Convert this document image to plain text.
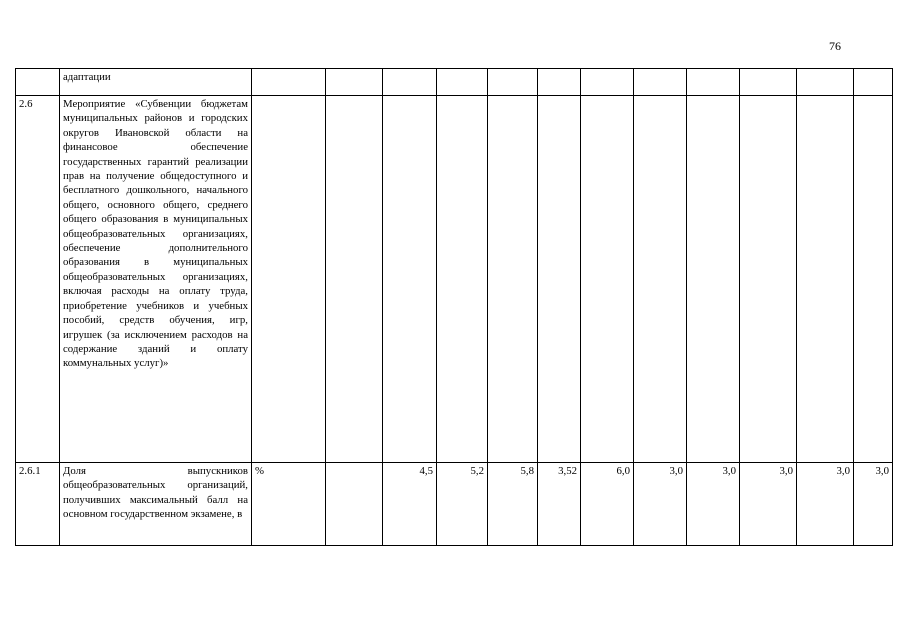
76
	адаптации												
2.6	Мероприятие «Субвенции бюджетам муниципальных районов и городских округов Ивановской области на финансовое обеспечение государственных гарантий реализации прав на получение общедоступного и бесплатного дошкольного, начального общего, основного общего, среднего общего образования в муниципальных общеобразовательных организациях, обеспечение дополнительного образования в муниципальных общеобразовательных организациях, включая расходы на оплату труда, приобретение учебников и учебных пособий, средств обучения, игр, игрушек (за исключением расходов на содержание зданий и оплату коммунальных услуг)»												
2.6.1	Доля выпускников общеобразовательных организаций, получивших максимальный балл на основном государственном экзамене, в	%		4,5	5,2	5,8	3,52	6,0	3,0	3,0	3,0	3,0	3,0
